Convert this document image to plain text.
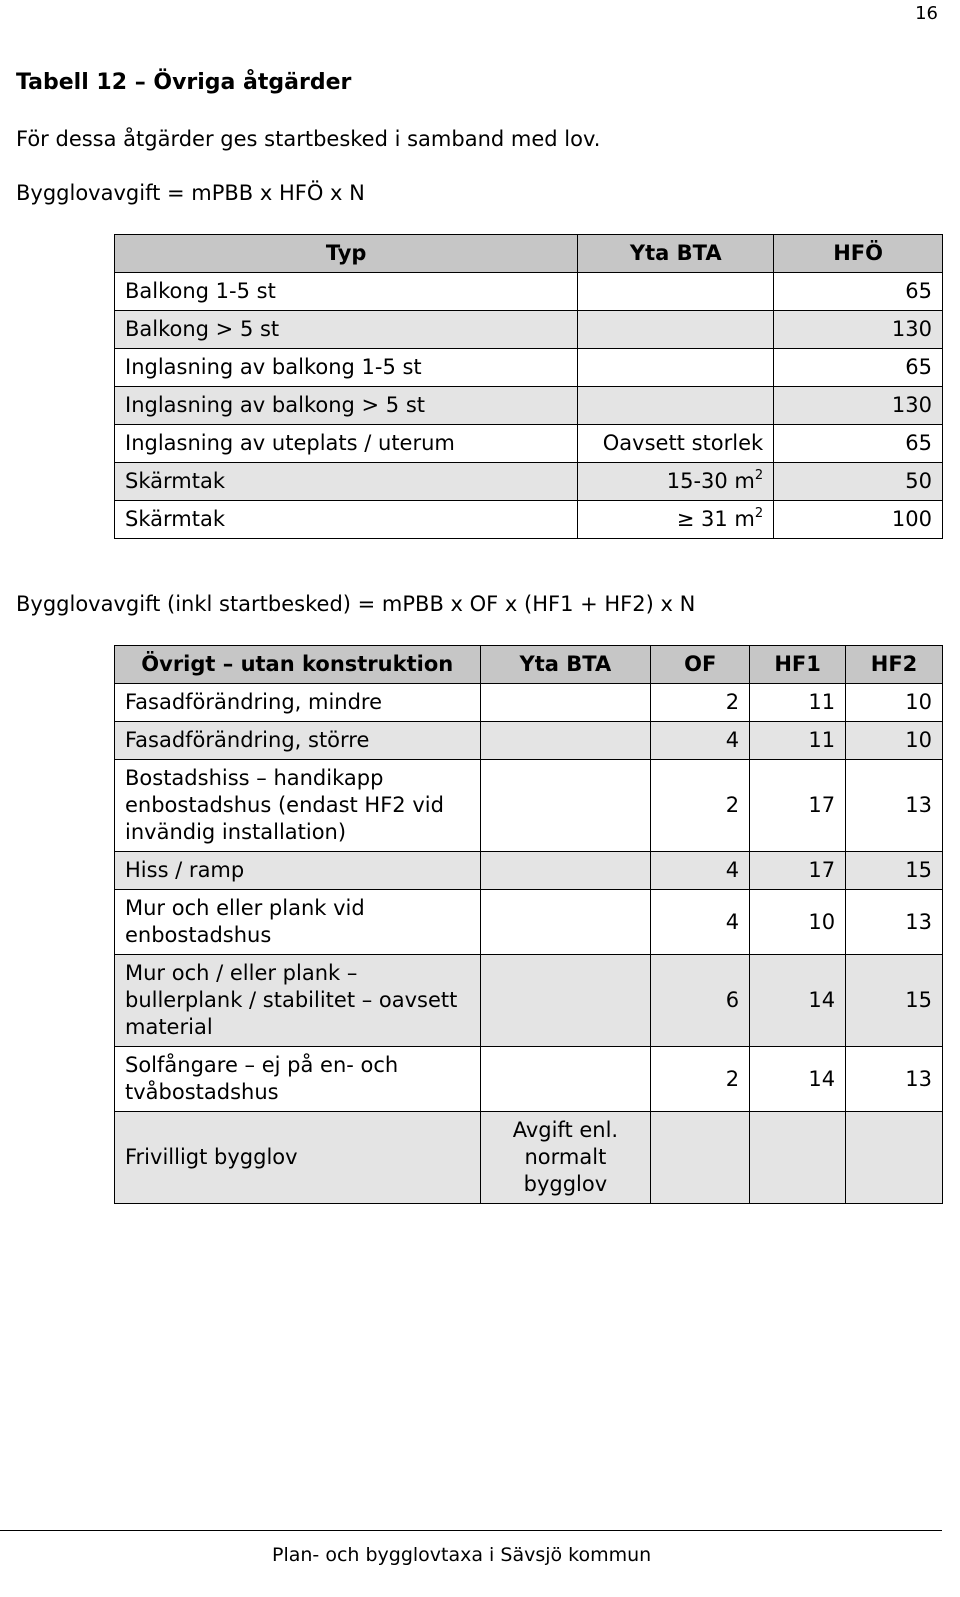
16
Tabell 12 – Övriga åtgärder
För dessa åtgärder ges startbesked i samband med lov.
Bygglovavgift = mPBB x HFÖ x N
Typ	Yta BTA	HFÖ
Balkong 1-5 st		65
Balkong > 5 st		130
Inglasning av balkong 1-5 st		65
Inglasning av balkong > 5 st		130
Inglasning av uteplats / uterum	Oavsett storlek	65
Skärmtak	15-30 $m^2$	50
Skärmtak	≥ 31 $m^2$	100
Bygglovavgift (inkl startbesked) = mPBB x OF x (HF1 + HF2) x N
Övrigt – utan konstruktion	Yta BTA	OF	HF1	HF2
Fasadförändring, mindre		2	11	10
Fasadförändring, större		4	11	10
Bostadshiss – handikapp enbostadshus (endast HF2 vid invändig installation)		2	17	13
Hiss / ramp		4	17	15
Mur och eller plank vid enbostadshus		4	10	13
Mur och / eller plank – bullerplank / stabilitet – oavsett material		6	14	15
Solfångare – ej på en- och tvåbostadshus		2	14	13
Frivilligt bygglov	Avgift enl. normalt bygglov			
Plan- och bygglovtaxa i Sävsjö kommun
